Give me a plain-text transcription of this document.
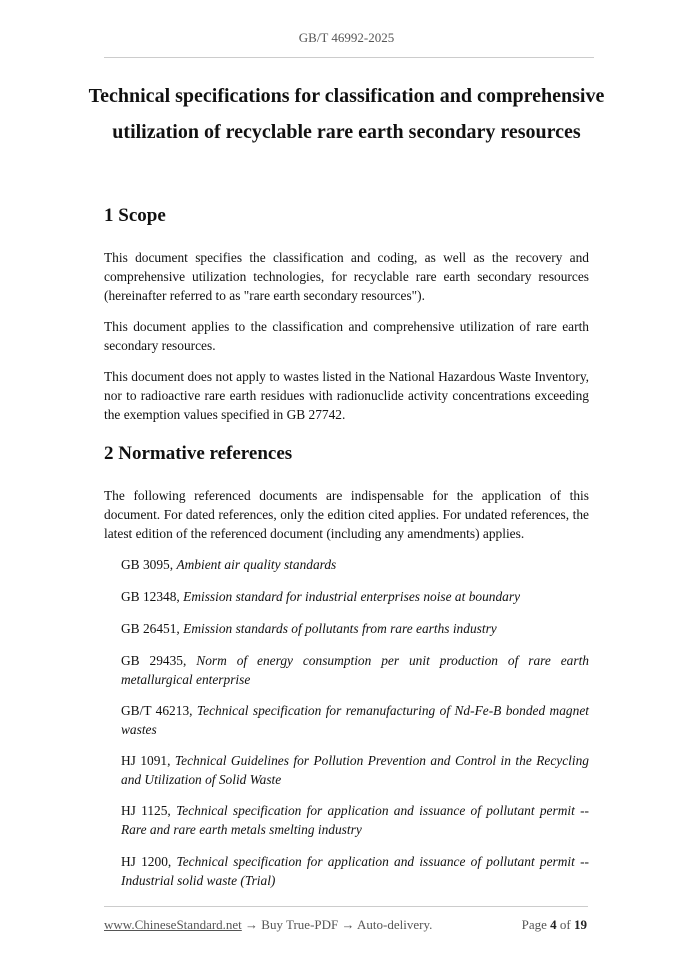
GB/T 46992-2025
Technical specifications for classification and comprehensive
utilization of recyclable rare earth secondary resources
1 Scope
This document specifies the classification and coding, as well as the recovery and comprehensive utilization technologies, for recyclable rare earth secondary resources (hereinafter referred to as "rare earth secondary resources").
This document applies to the classification and comprehensive utilization of rare earth secondary resources.
This document does not apply to wastes listed in the National Hazardous Waste Inventory, nor to radioactive rare earth residues with radionuclide activity concentrations exceeding the exemption values specified in GB 27742.
2 Normative references
The following referenced documents are indispensable for the application of this document. For dated references, only the edition cited applies. For undated references, the latest edition of the referenced document (including any amendments) applies.
GB 3095, Ambient air quality standards
GB 12348, Emission standard for industrial enterprises noise at boundary
GB 26451, Emission standards of pollutants from rare earths industry
GB 29435, Norm of energy consumption per unit production of rare earth metallurgical enterprise
GB/T 46213, Technical specification for remanufacturing of Nd-Fe-B bonded magnet wastes
HJ 1091, Technical Guidelines for Pollution Prevention and Control in the Recycling and Utilization of Solid Waste
HJ 1125, Technical specification for application and issuance of pollutant permit -- Rare and rare earth metals smelting industry
HJ 1200, Technical specification for application and issuance of pollutant permit -- Industrial solid waste (Trial)
www.ChineseStandard.net → Buy True-PDF → Auto-delivery.	Page 4 of 19
